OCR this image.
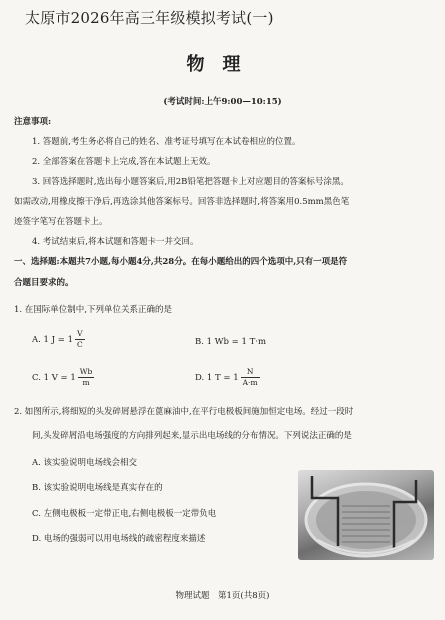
太原市2026年高三年级模拟考试(一)
物理
(考试时间:上午9:00—10:15)
注意事项:
1. 答题前,考生务必将自己的姓名、准考证号填写在本试卷相应的位置。
2. 全部答案在答题卡上完成,答在本试题上无效。
3. 回答选择题时,选出每小题答案后,用2B铅笔把答题卡上对应题目的答案标号涂黑。
如需改动,用橡皮擦干净后,再选涂其他答案标号。回答非选择题时,将答案用0.5mm黑色笔
迹签字笔写在答题卡上。
4. 考试结束后,将本试题和答题卡一并交回。
一、选择题:本题共7小题,每小题4分,共28分。在每小题给出的四个选项中,只有一项是符
合题目要求的。
1. 在国际单位制中,下列单位关系正确的是
A. 1 $J = 1 \frac{V}{C}$	B. 1 Wb = 1 T·m
C. 1 $V = 1 \frac{Wb}{m}$	D. 1 $T = 1 \frac{N}{A\cdot m}$
2. 如图所示,将细短的头发碎屑悬浮在蓖麻油中,在平行电极板间施加恒定电场。经过一段时
间,头发碎屑沿电场强度的方向排列起来,显示出电场线的分布情况。下列说法正确的是
A. 该实验说明电场线会相交
B. 该实验说明电场线是真实存在的
C. 左侧电极板一定带正电,右侧电极板一定带负电
D. 电场的强弱可以用电场线的疏密程度来描述
物理试题　第1页(共8页)
